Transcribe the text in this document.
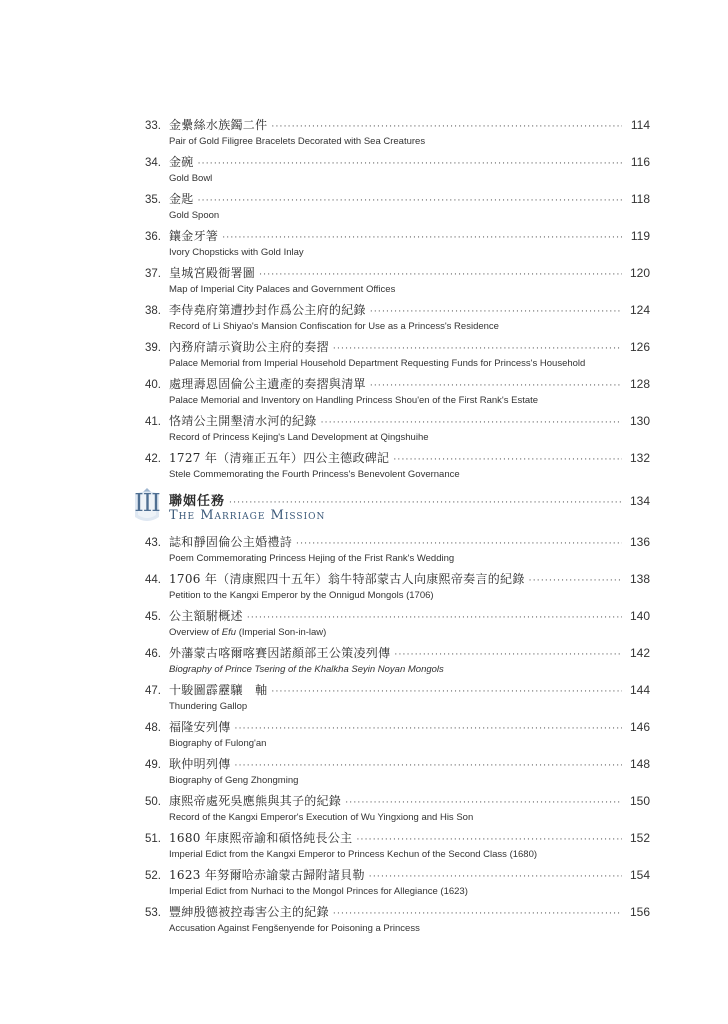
33. 金纍絲水族鐲二件 ·····	114
Pair of Gold Filigree Bracelets Decorated with Sea Creatures
34. 金碗 ·····	116
Gold Bowl
35. 金匙 ·····	118
Gold Spoon
36. 鑲金牙箸 ·····	119
Ivory Chopsticks with Gold Inlay
37. 皇城宮殿衙署圖 ·····	120
Map of Imperial City Palaces and Government Offices
38. 李侍堯府第遭抄封作爲公主府的紀錄 ·····	124
Record of Li Shiyao's Mansion Confiscation for Use as a Princess's Residence
39. 內務府請示資助公主府的奏摺 ·····	126
Palace Memorial from Imperial Household Department Requesting Funds for Princess's Household
40. 處理壽恩固倫公主遺產的奏摺與清單 ·····	128
Palace Memorial and Inventory on Handling Princess Shou'en of the First Rank's Estate
41. 恪靖公主開墾清水河的紀錄 ·····	130
Record of Princess Kejing's Land Development at Qingshuihe
42. 1727 年（清雍正五年）四公主德政碑記 ·····	132
Stele Commemorating the Fourth Princess's Benevolent Governance
III 聯姻任務 ·····	134
The Marriage Mission
43. 誌和靜固倫公主婚禮詩 ·····	136
Poem Commemorating Princess Hejing of the Frist Rank's Wedding
44. 1706 年（清康熙四十五年）翁牛特部蒙古人向康熙帝奏言的紀錄 ·····	138
Petition to the Kangxi Emperor by the Onnigud Mongols (1706)
45. 公主額駙概述 ·····	140
Overview of Efu (Imperial Son-in-law)
46. 外藩蒙古喀爾喀賽因諾顏部王公策凌列傳 ·····	142
Biography of Prince Tsering of the Khalkha Seyin Noyan Mongols
47. 十駿圖霹靂驤　軸 ·····	144
Thundering Gallop
48. 福隆安列傳 ·····	146
Biography of Fulong'an
49. 耿仲明列傳 ·····	148
Biography of Geng Zhongming
50. 康熙帝處死吳應熊與其子的紀錄 ·····	150
Record of the Kangxi Emperor's Execution of Wu Yingxiong and His Son
51. 1680 年康熙帝諭和碩恪純長公主 ·····	152
Imperial Edict from the Kangxi Emperor to Princess Kechun of the Second Class (1680)
52. 1623 年努爾哈赤諭蒙古歸附諸貝勒 ·····	154
Imperial Edict from Nurhaci to the Mongol Princes for Allegiance (1623)
53. 豐紳殷德被控毒害公主的紀錄 ·····	156
Accusation Against Fengšenyende for Poisoning a Princess
